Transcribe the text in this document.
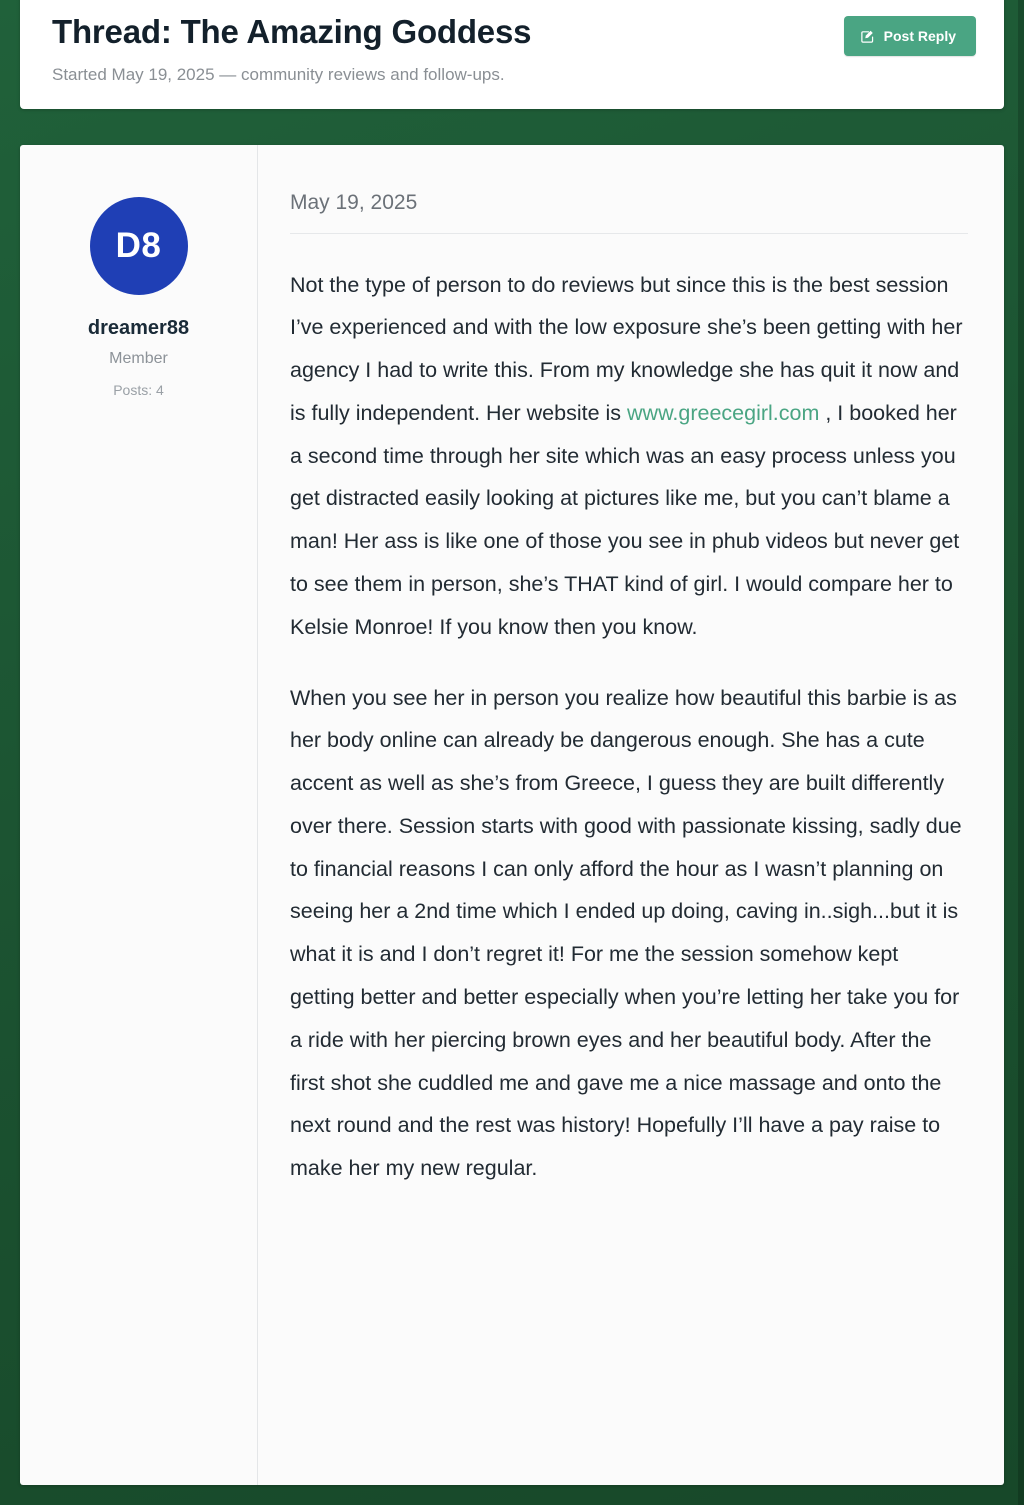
Thread: The Amazing Goddess
Started May 19, 2025 — community reviews and follow-ups.
Post Reply
D8
dreamer88
Member
Posts: 4
May 19, 2025

Not the type of person to do reviews but since this is the best session I’ve experienced and with the low exposure she’s been getting with her agency I had to write this. From my knowledge she has quit it now and is fully independent. Her website is www.greecegirl.com , I booked her a second time through her site which was an easy process unless you get distracted easily looking at pictures like me, but you can’t blame a man! Her ass is like one of those you see in phub videos but never get to see them in person, she’s THAT kind of girl. I would compare her to Kelsie Monroe! If you know then you know.

When you see her in person you realize how beautiful this barbie is as her body online can already be dangerous enough. She has a cute accent as well as she’s from Greece, I guess they are built differently over there. Session starts with good with passionate kissing, sadly due to financial reasons I can only afford the hour as I wasn’t planning on seeing her a 2nd time which I ended up doing, caving in..sigh...but it is what it is and I don’t regret it! For me the session somehow kept getting better and better especially when you’re letting her take you for a ride with her piercing brown eyes and her beautiful body. After the first shot she cuddled me and gave me a nice massage and onto the next round and the rest was history! Hopefully I’ll have a pay raise to make her my new regular.
